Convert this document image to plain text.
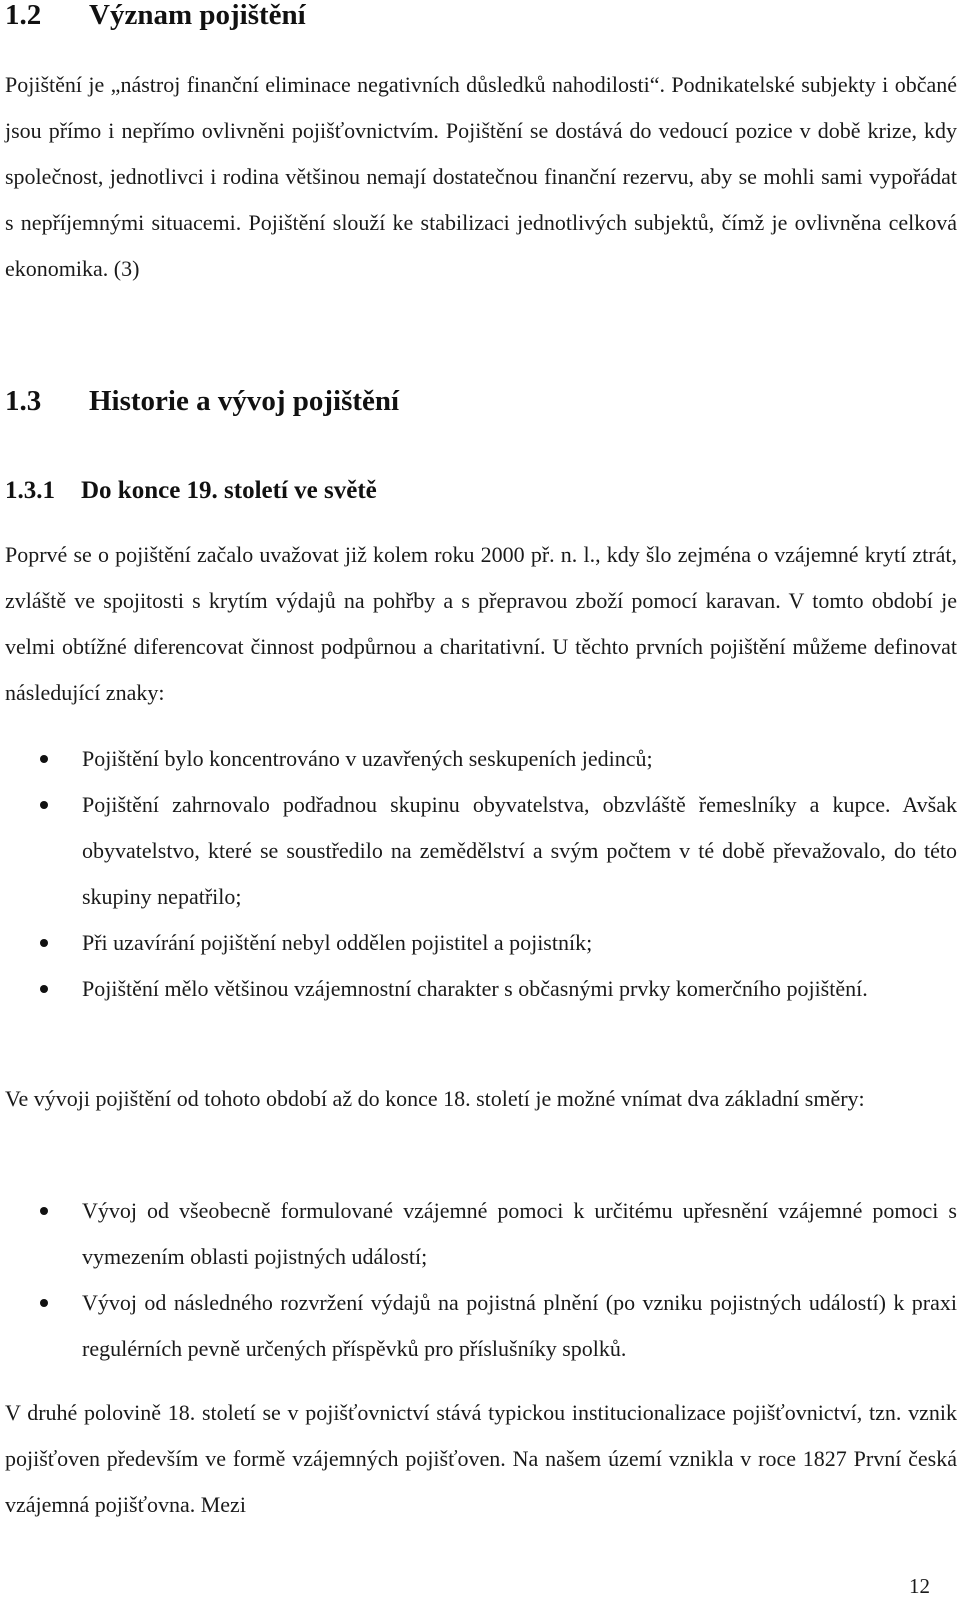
1.2	Význam pojištění

Pojištění je „nástroj finanční eliminace negativních důsledků nahodilosti“. Podnikatelské subjekty i občané jsou přímo i nepřímo ovlivněni pojišťovnictvím. Pojištění se dostává do vedoucí pozice v době krize, kdy společnost, jednotlivci i rodina většinou nemají dostatečnou finanční rezervu, aby se mohli sami vypořádat s nepříjemnými situacemi. Pojištění slouží ke stabilizaci jednotlivých subjektů, čímž je ovlivněna celková ekonomika. (3)

1.3	Historie a vývoj pojištění
1.3.1	Do konce 19. století ve světě

Poprvé se o pojištění začalo uvažovat již kolem roku 2000 př. n. l., kdy šlo zejména o vzájemné krytí ztrát, zvláště ve spojitosti s krytím výdajů na pohřby a s přepravou zboží pomocí karavan. V tomto období je velmi obtížné diferencovat činnost podpůrnou a charitativní. U těchto prvních pojištění můžeme definovat následující znaky:

Pojištění bylo koncentrováno v uzavřených seskupeních jedinců;
Pojištění zahrnovalo podřadnou skupinu obyvatelstva, obzvláště řemeslníky a kupce. Avšak obyvatelstvo, které se soustředilo na zemědělství a svým počtem v té době převažovalo, do této skupiny nepatřilo;
Při uzavírání pojištění nebyl oddělen pojistitel a pojistník;
Pojištění mělo většinou vzájemnostní charakter s občasnými prvky komerčního pojištění.

Ve vývoji pojištění od tohoto období až do konce 18. století je možné vnímat dva základní směry:

Vývoj od všeobecně formulované vzájemné pomoci k určitému upřesnění vzájemné pomoci s vymezením oblasti pojistných událostí;
Vývoj od následného rozvržení výdajů na pojistná plnění (po vzniku pojistných událostí) k praxi regulérních pevně určených příspěvků pro příslušníky spolků.

V druhé polovině 18. století se v pojišťovnictví stává typickou institucionalizace pojišťovnictví, tzn. vznik pojišťoven především ve formě vzájemných pojišťoven. Na našem území vznikla v roce 1827 První česká vzájemná pojišťovna. Mezi

12
